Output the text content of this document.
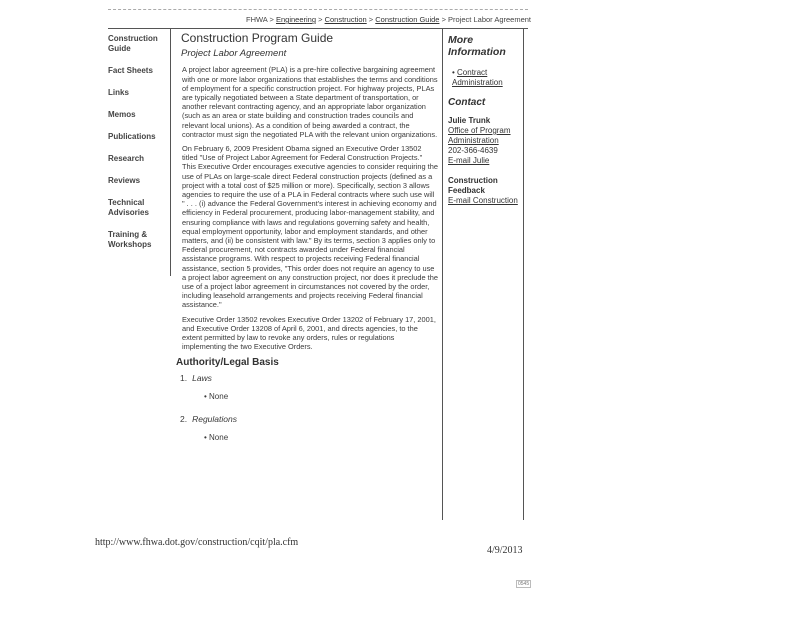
FHWA > Engineering > Construction > Construction Guide > Project Labor Agreement
Construction Guide
Fact Sheets
Links
Memos
Publications
Research
Reviews
Technical Advisories
Training & Workshops
Construction Program Guide
Project Labor Agreement

A project labor agreement (PLA) is a pre-hire collective bargaining agreement with one or more labor organizations that establishes the terms and conditions of employment for a specific construction project. For highway projects, PLAs are typically negotiated between a State department of transportation, or another relevant contracting agency, and an appropriate labor organization (such as an area or state building and construction trades councils and relevant local unions). As a condition of being awarded a contract, the contractor must sign the negotiated PLA with the relevant union organizations.

On February 6, 2009 President Obama signed an Executive Order 13502 titled "Use of Project Labor Agreement for Federal Construction Projects." This Executive Order encourages executive agencies to consider requiring the use of PLAs on large-scale direct Federal construction projects (defined as a project with a total cost of $25 million or more). Specifically, section 3 allows agencies to require the use of a PLA in Federal contracts where such use will " . . . (i) advance the Federal Government's interest in achieving economy and efficiency in Federal procurement, producing labor-management stability, and ensuring compliance with laws and regulations governing safety and health, equal employment opportunity, labor and employment standards, and other matters, and (ii) be consistent with law." By its terms, section 3 applies only to Federal procurement, not contracts awarded under Federal financial assistance programs. With respect to projects receiving Federal financial assistance, section 5 provides, "This order does not require an agency to use a project labor agreement on any construction project, nor does it preclude the use of a project labor agreement in circumstances not covered by the order, including leasehold arrangements and projects receiving Federal financial assistance."

Executive Order 13502 revokes Executive Order 13202 of February 17, 2001, and Executive Order 13208 of April 6, 2001, and directs agencies, to the extent permitted by law to revoke any orders, rules or regulations implementing the two Executive Orders.

Authority/Legal Basis
1. Laws
• None
2. Regulations
• None
More Information
• Contract Administration
Contact
Julie Trunk
Office of Program Administration
202-366-4639
E-mail Julie
Construction Feedback
E-mail Construction
http://www.fhwa.dot.gov/construction/cqit/pla.cfm
4/9/2013
0545
